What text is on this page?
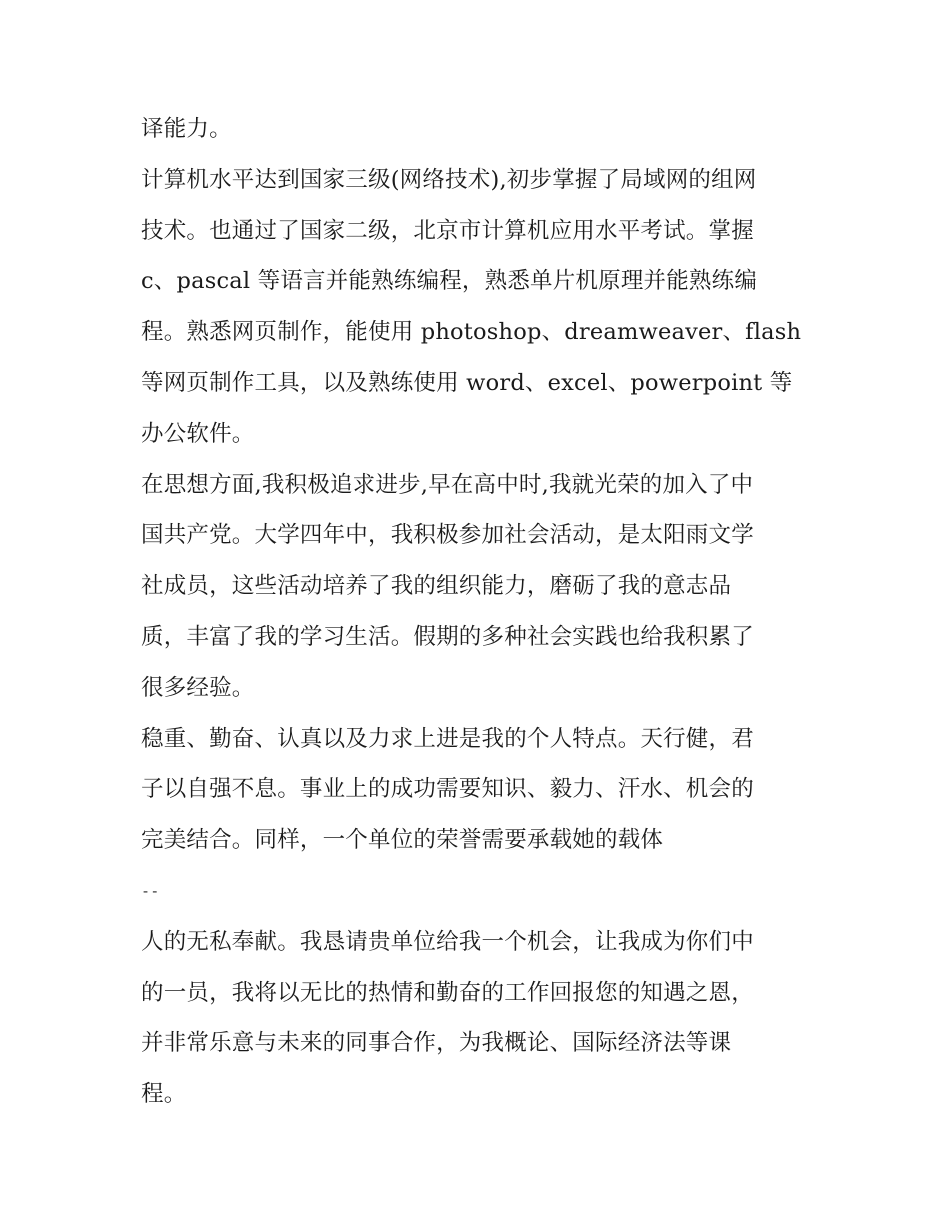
译能力。
计算机水平达到国家三级(网络技术),初步掌握了局域网的组网
技术。也通过了国家二级，北京市计算机应用水平考试。掌握
c、pascal 等语言并能熟练编程，熟悉单片机原理并能熟练编
程。熟悉网页制作，能使用 photoshop、dreamweaver、flash
等网页制作工具，以及熟练使用 word、excel、powerpoint 等
办公软件。
在思想方面,我积极追求进步,早在高中时,我就光荣的加入了中
国共产党。大学四年中，我积极参加社会活动，是太阳雨文学
社成员，这些活动培养了我的组织能力，磨砺了我的意志品
质，丰富了我的学习生活。假期的多种社会实践也给我积累了
很多经验。
稳重、勤奋、认真以及力求上进是我的个人特点。天行健，君
子以自强不息。事业上的成功需要知识、毅力、汗水、机会的
完美结合。同样，一个单位的荣誉需要承载她的载体
--
人的无私奉献。我恳请贵单位给我一个机会，让我成为你们中
的一员，我将以无比的热情和勤奋的工作回报您的知遇之恩，
并非常乐意与未来的同事合作，为我概论、国际经济法等课
程。
